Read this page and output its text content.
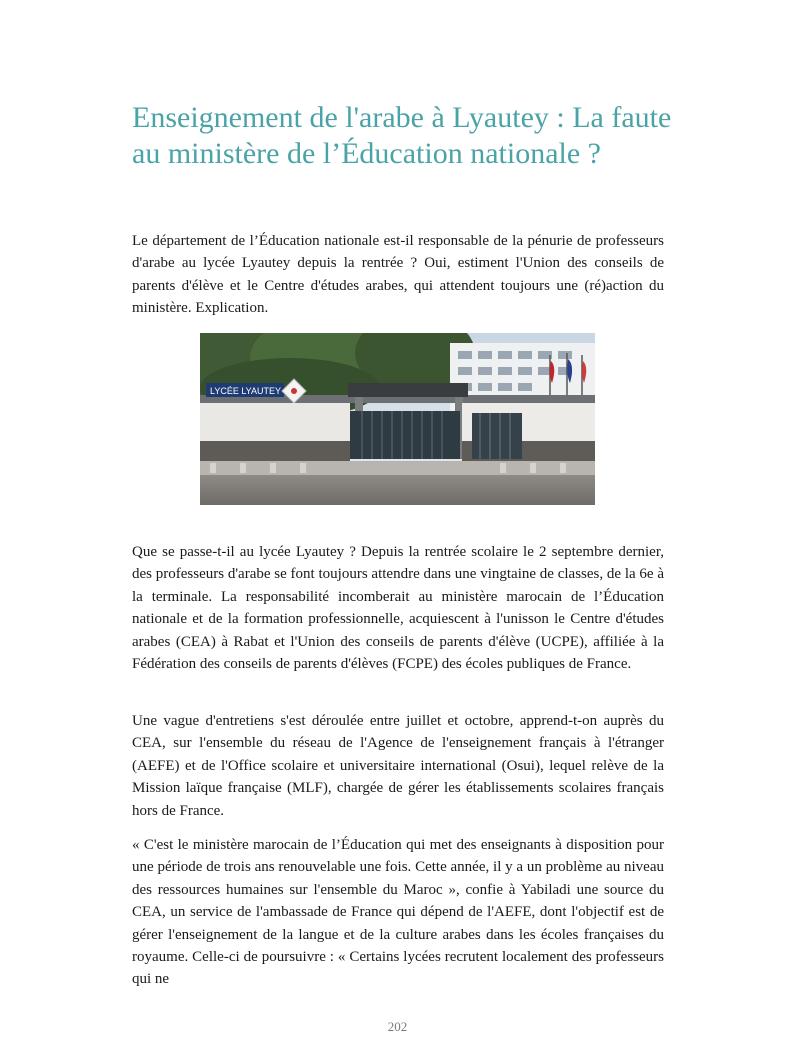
Enseignement de l'arabe à Lyautey : La faute au ministère de l’Éducation nationale ?

Le département de l’Éducation nationale est-il responsable de la pénurie de professeurs d'arabe au lycée Lyautey depuis la rentrée ? Oui, estiment l'Union des conseils de parents d'élève et le Centre d'études arabes, qui attendent toujours une (ré)action du ministère. Explication.

LYCÉE LYAUTEY

Que se passe-t-il au lycée Lyautey ? Depuis la rentrée scolaire le 2 septembre dernier, des professeurs d'arabe se font toujours attendre dans une vingtaine de classes, de la 6e à la terminale. La responsabilité incomberait au ministère marocain de l’Éducation nationale et de la formation professionnelle, acquiescent à l'unisson le Centre d'études arabes (CEA) à Rabat et l'Union des conseils de parents d'élève (UCPE), affiliée à la Fédération des conseils de parents d'élèves (FCPE) des écoles publiques de France.

Une vague d'entretiens s'est déroulée entre juillet et octobre, apprend-t-on auprès du CEA, sur l'ensemble du réseau de l'Agence de l'enseignement français à l'étranger (AEFE) et de l'Office scolaire et universitaire international (Osui), lequel relève de la Mission laïque française (MLF), chargée de gérer les établissements scolaires français hors de France.

« C'est le ministère marocain de l’Éducation qui met des enseignants à disposition pour une période de trois ans renouvelable une fois. Cette année, il y a un problème au niveau des ressources humaines sur l'ensemble du Maroc », confie à Yabiladi une source du CEA, un service de l'ambassade de France qui dépend de l'AEFE, dont l'objectif est de gérer l'enseignement de la langue et de la culture arabes dans les écoles françaises du royaume. Celle-ci de poursuivre : « Certains lycées recrutent localement des professeurs qui ne

202
